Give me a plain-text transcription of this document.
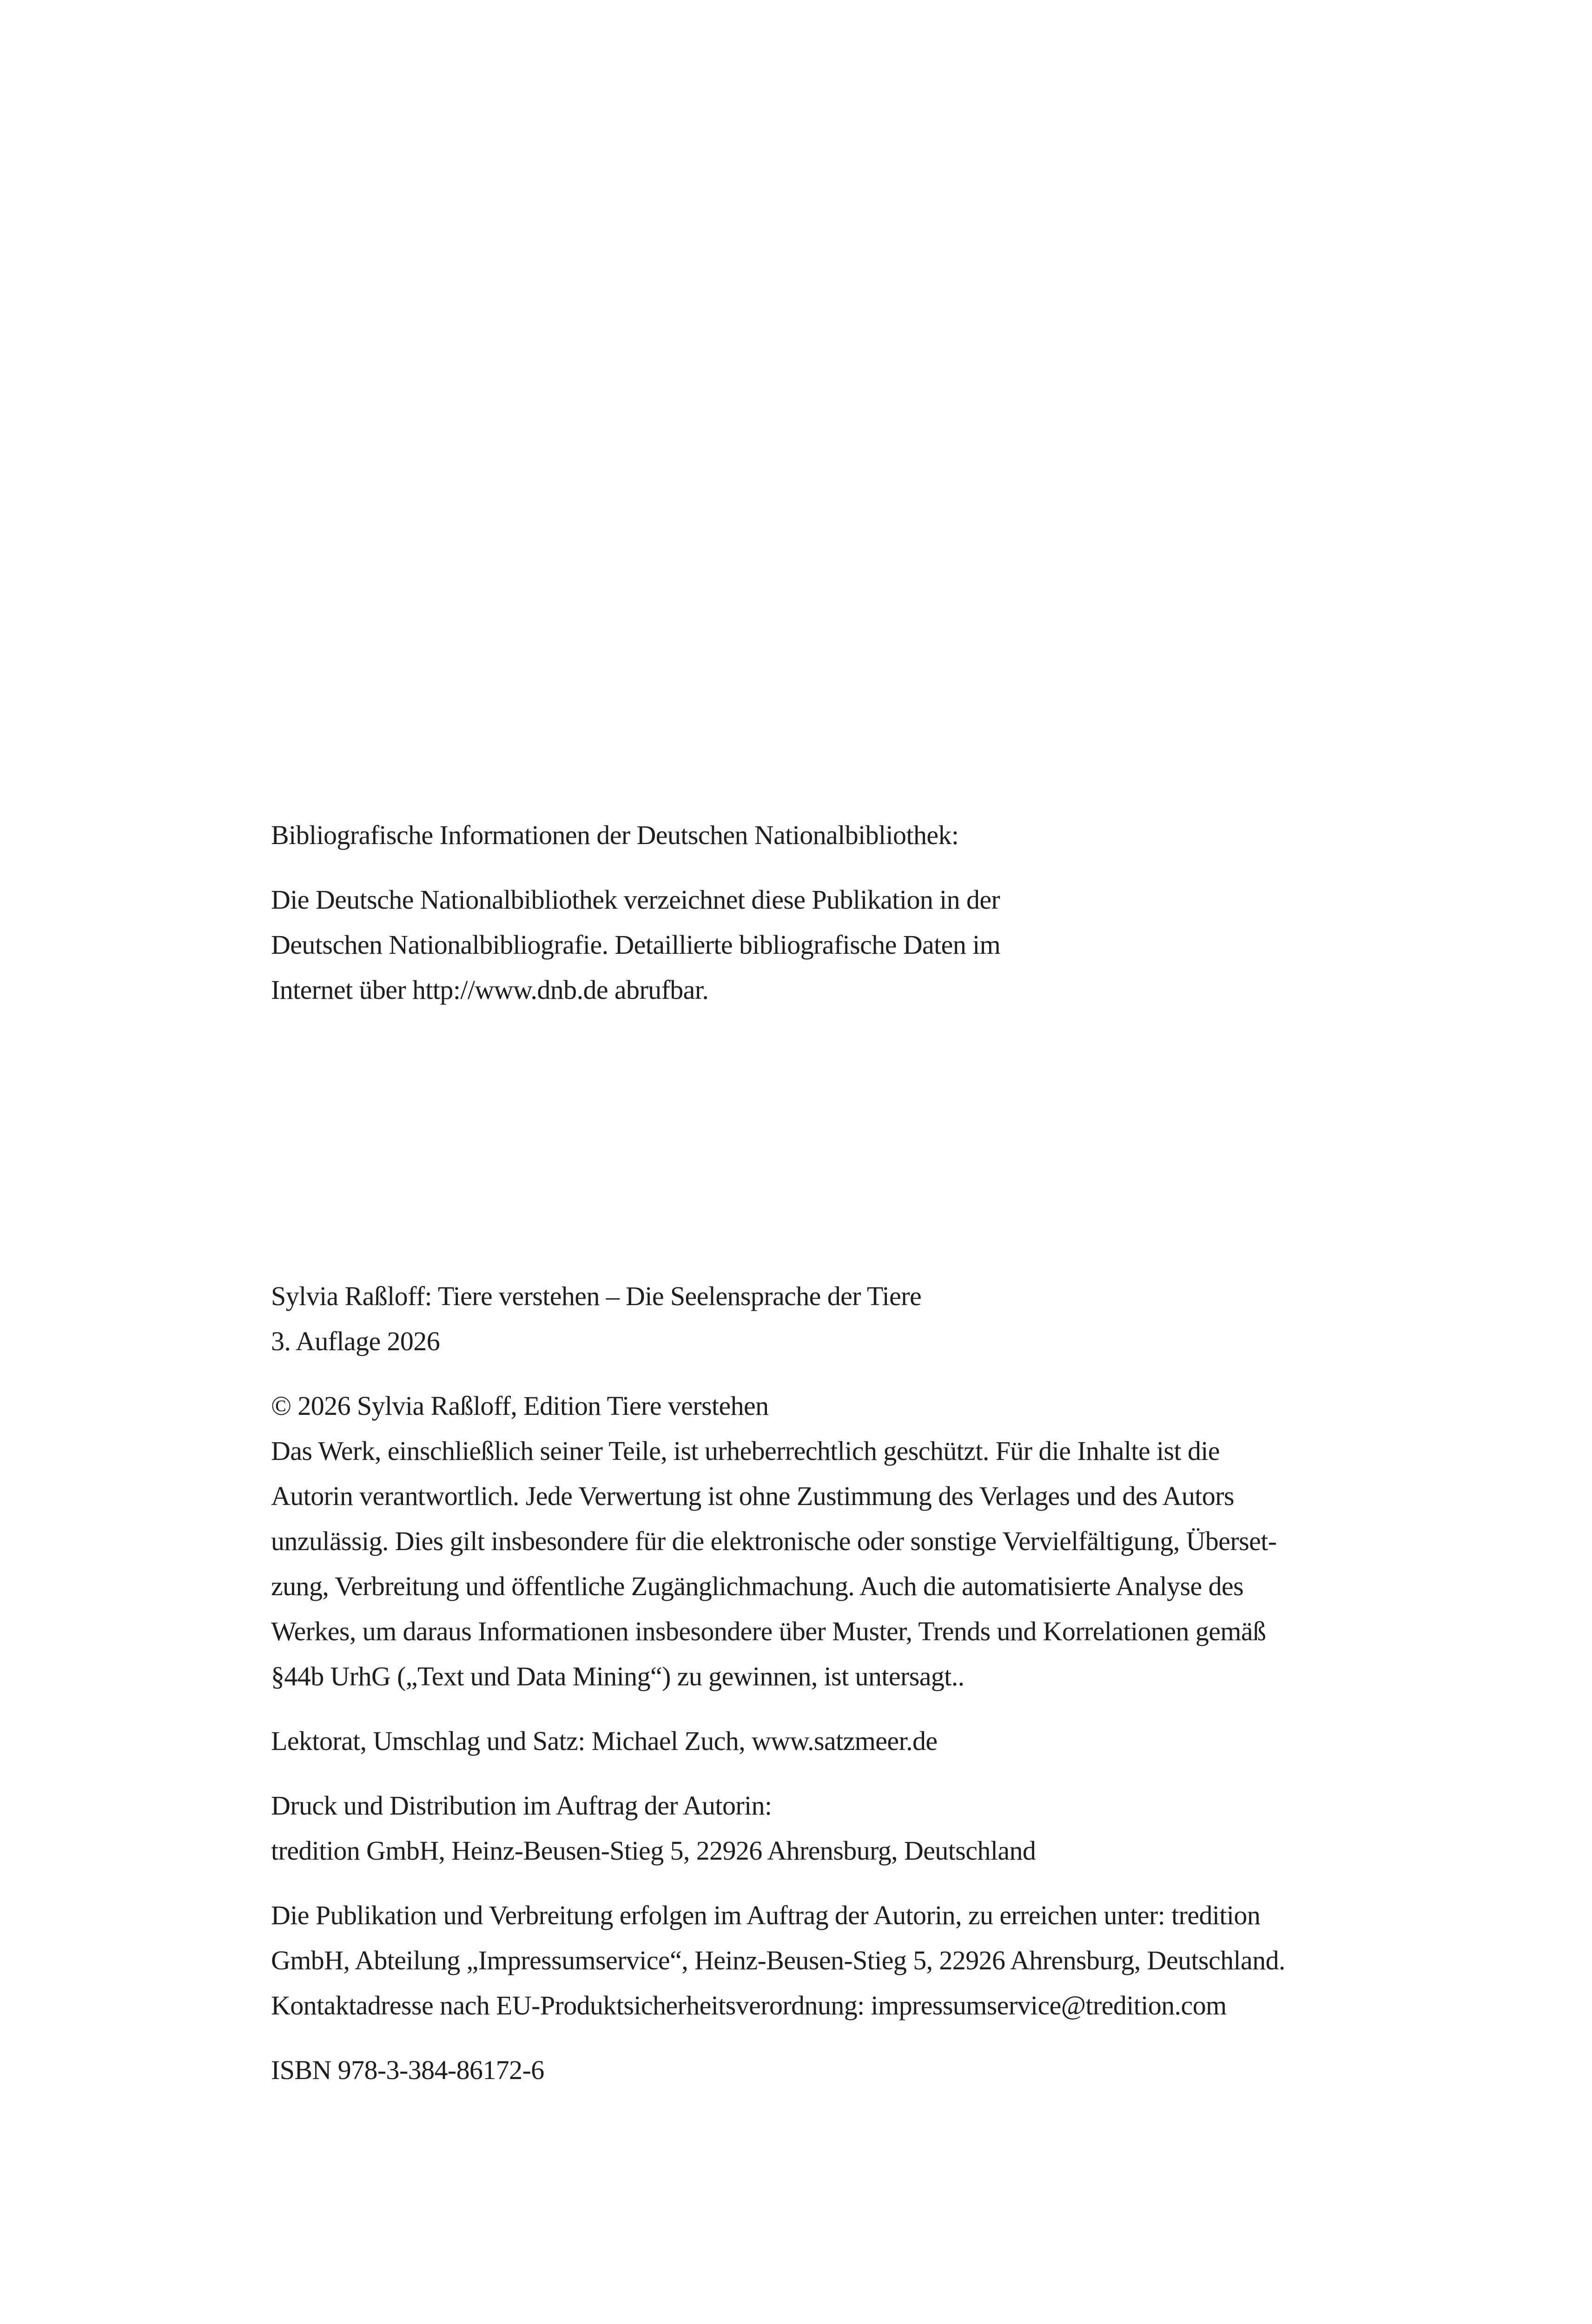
Bibliografische Informationen der Deutschen Nationalbibliothek:
Die Deutsche Nationalbibliothek verzeichnet diese Publikation in der
Deutschen Nationalbibliografie. Detaillierte bibliografische Daten im
Internet über http://www.dnb.de abrufbar.
Sylvia Raßloff: Tiere verstehen – Die Seelensprache der Tiere
3. Auflage 2026
© 2026 Sylvia Raßloff, Edition Tiere verstehen
Das Werk, einschließlich seiner Teile, ist urheberrechtlich geschützt. Für die Inhalte ist die
Autorin verantwortlich. Jede Verwertung ist ohne Zustimmung des Verlages und des Autors
unzulässig. Dies gilt insbesondere für die elektronische oder sonstige Vervielfältigung, Überset-
zung, Verbreitung und öffentliche Zugänglichmachung. Auch die automatisierte Analyse des
Werkes, um daraus Informationen insbesondere über Muster, Trends und Korrelationen gemäß
§44b UrhG („Text und Data Mining“) zu gewinnen, ist untersagt..
Lektorat, Umschlag und Satz: Michael Zuch, www.satzmeer.de
Druck und Distribution im Auftrag der Autorin:
tredition GmbH, Heinz-Beusen-Stieg 5, 22926 Ahrensburg, Deutschland
Die Publikation und Verbreitung erfolgen im Auftrag der Autorin, zu erreichen unter: tredition
GmbH, Abteilung „Impressumservice“, Heinz-Beusen-Stieg 5, 22926 Ahrensburg, Deutschland.
Kontaktadresse nach EU-Produktsicherheitsverordnung: impressumservice@tredition.com
ISBN 978-3-384-86172-6
